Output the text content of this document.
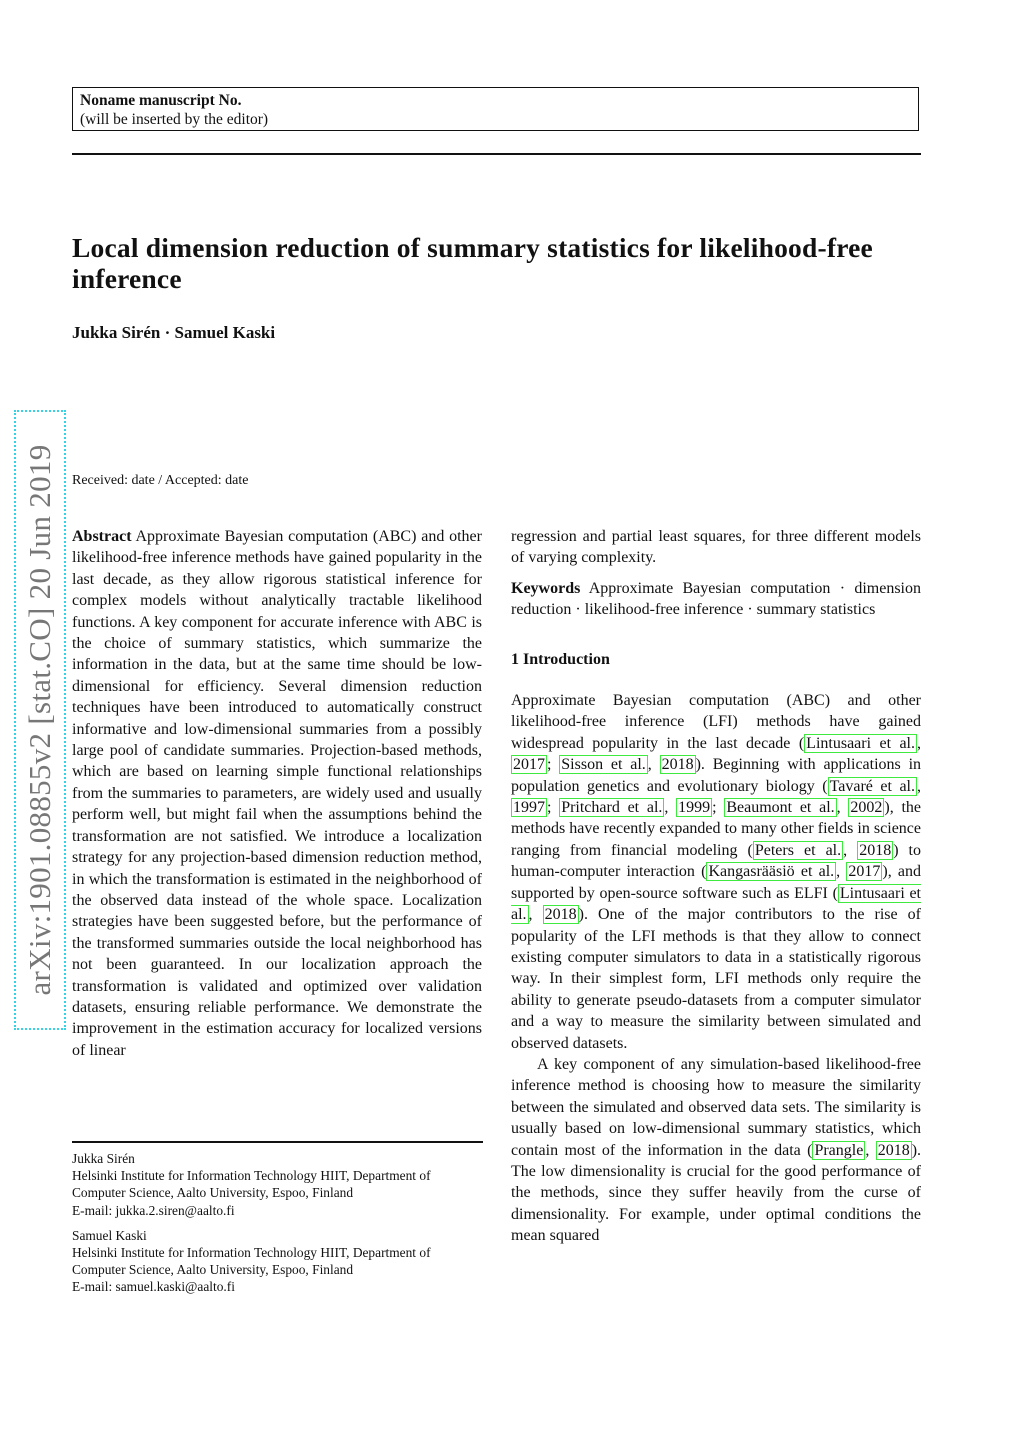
Noname manuscript No.
(will be inserted by the editor)
Local dimension reduction of summary statistics for likelihood-free inference
Jukka Sirén · Samuel Kaski
arXiv:1901.08855v2 [stat.CO] 20 Jun 2019 Received: date / Accepted: date

Abstract Approximate Bayesian computation (ABC) and other likelihood-free inference methods have gained popularity in the last decade, as they allow rigorous statistical inference for complex models without analytically tractable likelihood functions. A key component for accurate inference with ABC is the choice of summary statistics, which summarize the information in the data, but at the same time should be low-dimensional for efficiency. Several dimension reduction techniques have been introduced to automatically construct informative and low-dimensional summaries from a possibly large pool of candidate summaries. Projection-based methods, which are based on learning simple functional relationships from the summaries to parameters, are widely used and usually perform well, but might fail when the assumptions behind the transformation are not satisfied. We introduce a localization strategy for any projection-based dimension reduction method, in which the transformation is estimated in the neighborhood of the observed data instead of the whole space. Localization strategies have been suggested before, but the performance of the transformed summaries outside the local neighborhood has not been guaranteed. In our localization approach the transformation is validated and optimized over validation datasets, ensuring reliable performance. We demonstrate the improvement in the estimation accuracy for localized versions of linear

regression and partial least squares, for three different models of varying complexity.

Keywords Approximate Bayesian computation · dimension reduction · likelihood-free inference · summary statistics

1 Introduction

Approximate Bayesian computation (ABC) and other likelihood-free inference (LFI) methods have gained widespread popularity in the last decade ( Lintusaari et al. , 2017 ; Sisson et al. , 2018 ). Beginning with applications in population genetics and evolutionary biology ( Tavaré et al. , 1997 ; Pritchard et al. , 1999 ; Beaumont et al. , 2002 ), the methods have recently expanded to many other fields in science ranging from financial modeling ( Peters et al. , 2018 ) to human-computer interaction ( Kangasrääsiö et al. , 2017 ), and supported by open-source software such as ELFI ( Lintusaari et al. , 2018 ). One of the major contributors to the rise of popularity of the LFI methods is that they allow to connect existing computer simulators to data in a statistically rigorous way. In their simplest form, LFI methods only require the ability to generate pseudo-datasets from a computer simulator and a way to measure the similarity between simulated and observed datasets.

A key component of any simulation-based likelihood-free inference method is choosing how to measure the similarity between the simulated and observed data sets. The similarity is usually based on low-dimensional summary statistics, which contain most of the information in the data ( Prangle , 2018 ). The low dimensionality is crucial for the good performance of the methods, since they suffer heavily from the curse of dimensionality. For example, under optimal conditions the mean squared

Jukka Sirén

Helsinki Institute for Information Technology HIIT, Department of Computer Science, Aalto University, Espoo, Finland

E-mail: jukka.2.siren@aalto.fi

Samuel Kaski

Helsinki Institute for Information Technology HIIT, Department of Computer Science, Aalto University, Espoo, Finland

E-mail: samuel.kaski@aalto.fi
